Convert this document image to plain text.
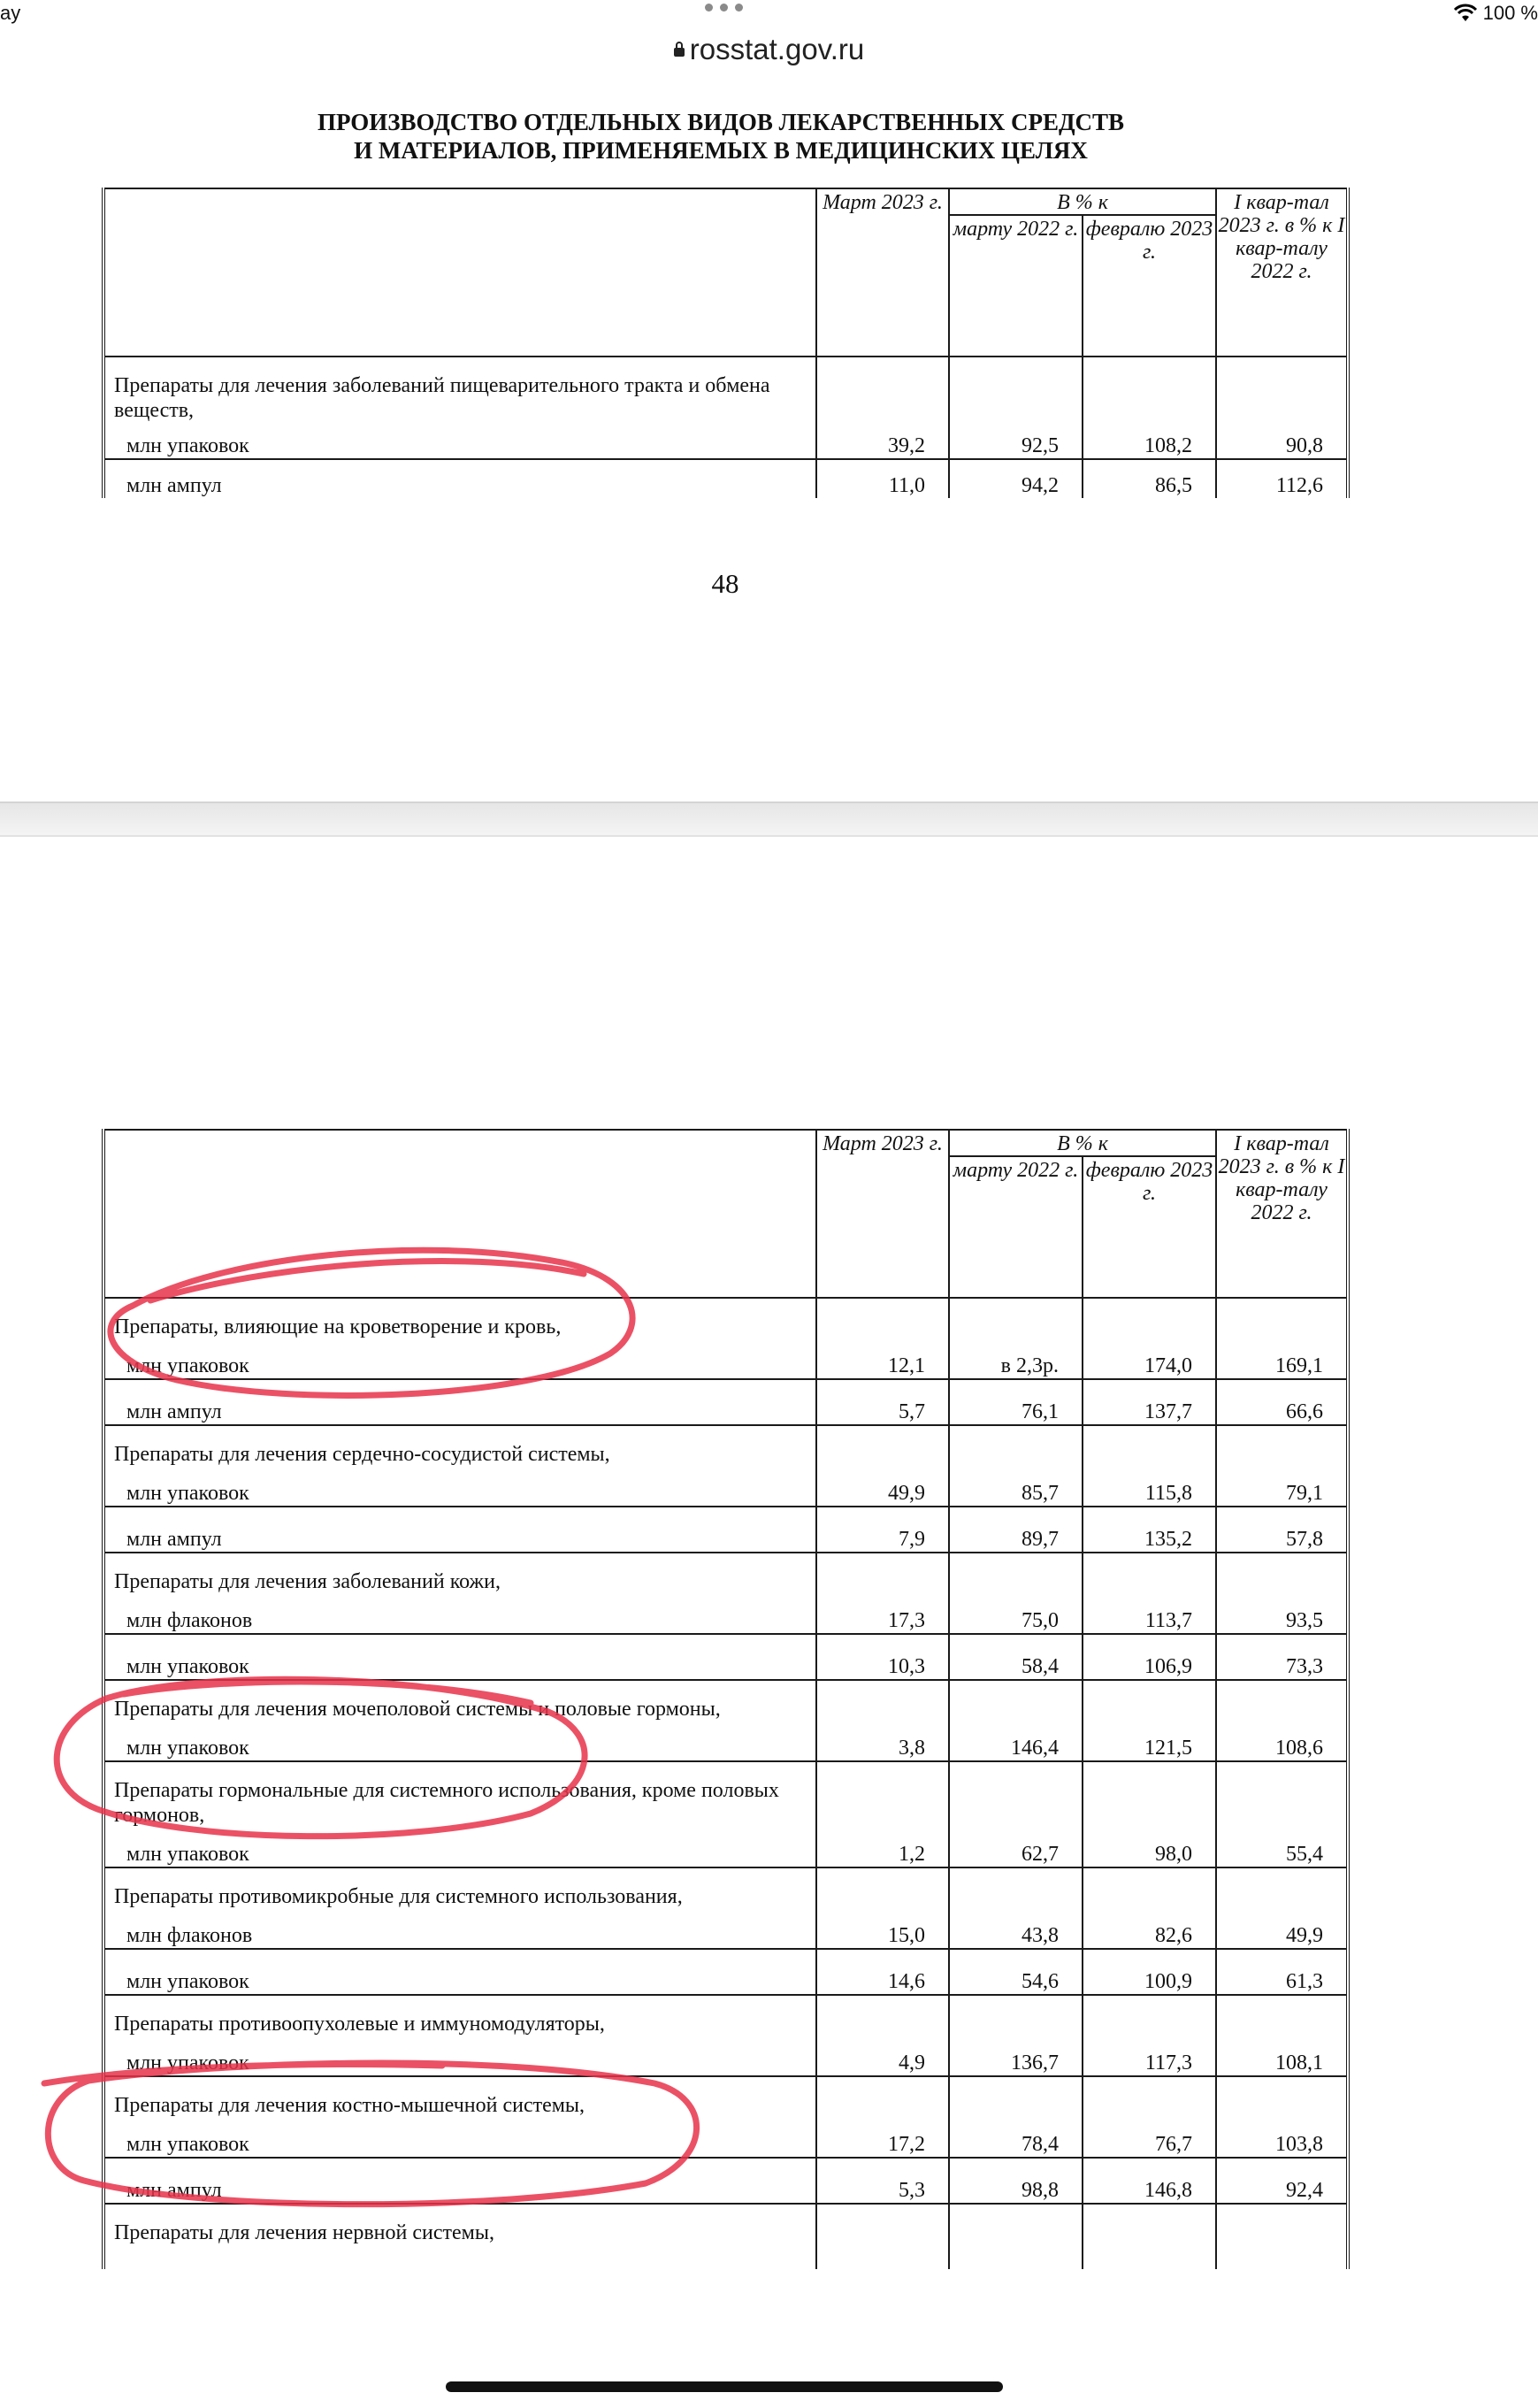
ay	100 %
rosstat.gov.ru
ПРОИЗВОДСТВО ОТДЕЛЬНЫХ ВИДОВ ЛЕКАРСТВЕННЫХ СРЕДСТВ
И МАТЕРИАЛОВ, ПРИМЕНЯЕМЫХ В МЕДИЦИНСКИХ ЦЕЛЯХ
	Март 2023 г.	В % к		I квар-тал 2023 г. в % к I квар-талу 2022 г.
		марту 2022 г.	февралю 2023 г.	

Препараты для лечения заболеваний пищеварительного тракта и обмена веществ,
млн упаковок	39,2	92,5	108,2	90,8

млн ампул	11,0	94,2	86,5	112,6
48
	Март 2023 г.	В % к		I квар-тал 2023 г. в % к I квар-талу 2022 г.
		марту 2022 г.	февралю 2023 г.	

Препараты, влияющие на кроветворение и кровь,
млн упаковок	12,1	в 2,3р.	174,0	169,1

млн ампул	5,7	76,1	137,7	66,6

Препараты для лечения сердечно-сосудистой системы,
млн упаковок	49,9	85,7	115,8	79,1

млн ампул	7,9	89,7	135,2	57,8

Препараты для лечения заболеваний кожи,
млн флаконов	17,3	75,0	113,7	93,5

млн упаковок	10,3	58,4	106,9	73,3

Препараты для лечения мочеполовой системы и половые гормоны,
млн упаковок	3,8	146,4	121,5	108,6

Препараты гормональные для системного использования, кроме половых гормонов,
млн упаковок	1,2	62,7	98,0	55,4

Препараты противомикробные для системного использования,
млн флаконов	15,0	43,8	82,6	49,9

млн упаковок	14,6	54,6	100,9	61,3

Препараты противоопухолевые и иммуномодуляторы,
млн упаковок	4,9	136,7	117,3	108,1

Препараты для лечения костно-мышечной системы,
млн упаковок	17,2	78,4	76,7	103,8

млн ампул	5,3	98,8	146,8	92,4

Препараты для лечения нервной системы,				
